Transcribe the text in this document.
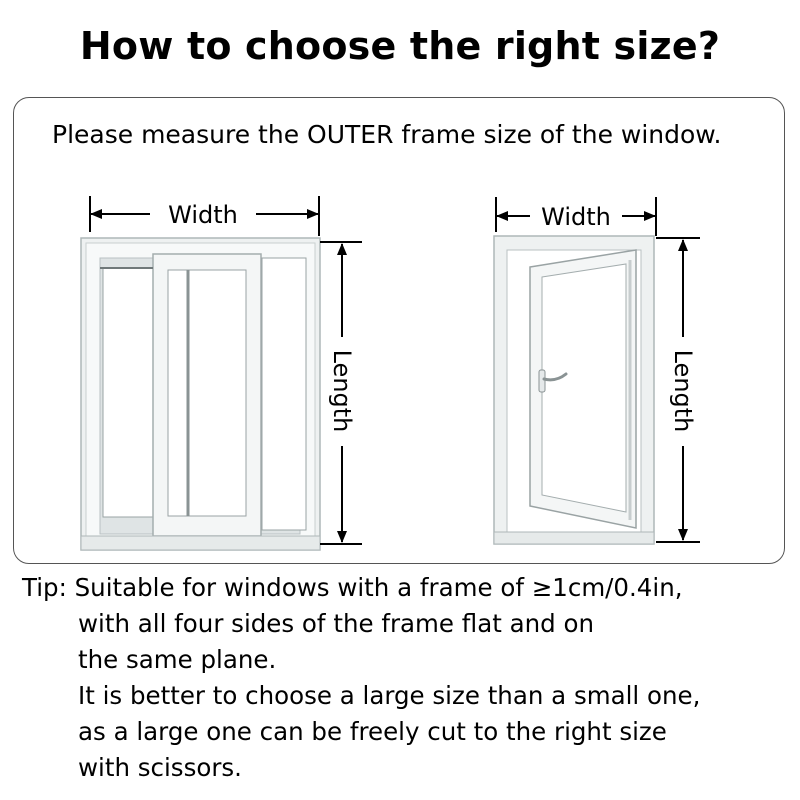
How to choose the right size?
Please measure the OUTER frame size of the window.
Width
Length
Width
Length
Tip: Suitable for windows with a frame of ≥1cm/0.4in,
with all four sides of the frame flat and on
the same plane.
It is better to choose a large size than a small one,
as a large one can be freely cut to the right size
with scissors.
